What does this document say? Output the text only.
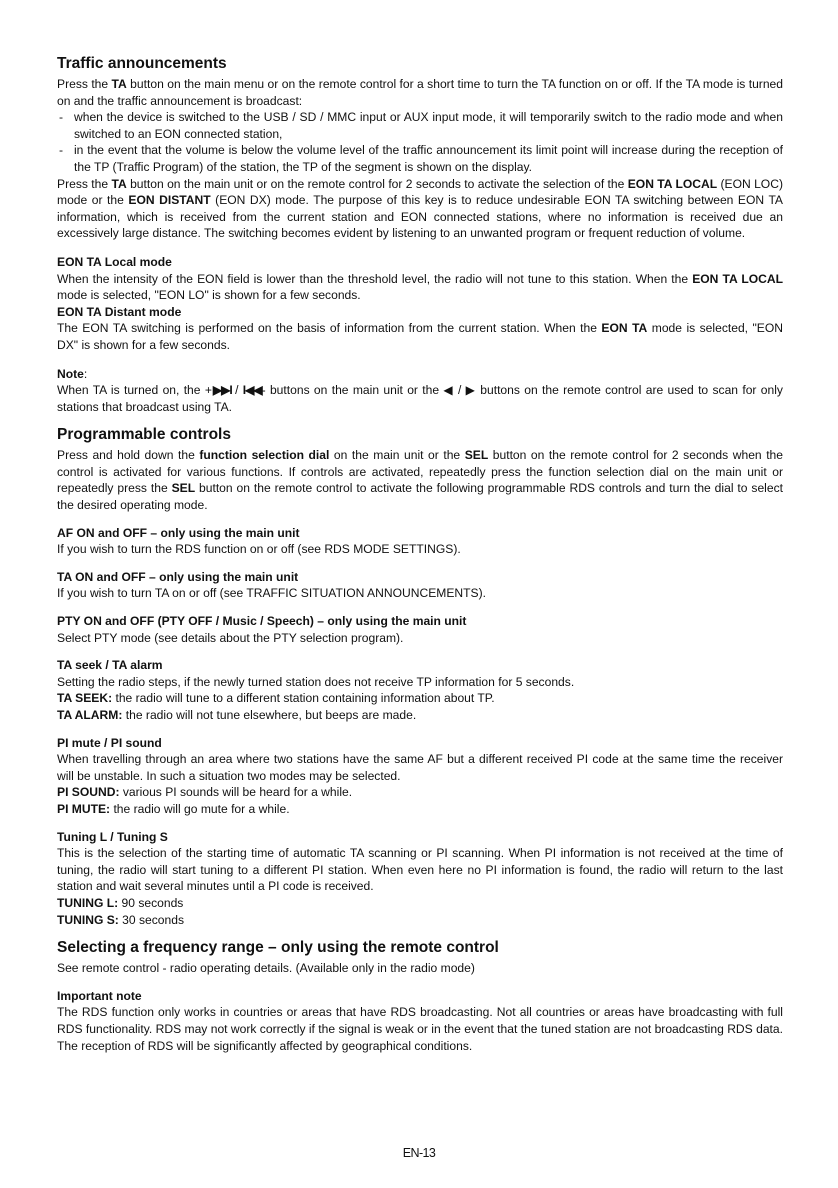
Traffic announcements

Press the TA button on the main menu or on the remote control for a short time to turn the TA function on or off. If the TA mode is turned on and the traffic announcement is broadcast:

- when the device is switched to the USB / SD / MMC input or AUX input mode, it will temporarily switch to the radio mode and when switched to an EON connected station,
- in the event that the volume is below the volume level of the traffic announcement its limit point will increase during the reception of the TP (Traffic Program) of the station, the TP of the segment is shown on the display.

Press the TA button on the main unit or on the remote control for 2 seconds to activate the selection of the EON TA LOCAL (EON LOC) mode or the EON DISTANT (EON DX) mode. The purpose of this key is to reduce undesirable EON TA switching between EON TA information, which is received from the current station and EON connected stations, where no information is received due an excessively large distance. The switching becomes evident by listening to an unwanted program or frequent reduction of volume.

EON TA Local mode

When the intensity of the EON field is lower than the threshold level, the radio will not tune to this station. When the EON TA LOCAL mode is selected, "EON LO" is shown for a few seconds.

EON TA Distant mode

The EON TA switching is performed on the basis of information from the current station. When the EON TA mode is selected, "EON DX" is shown for a few seconds.

Note:

When TA is turned on, the +▶▶I / I◀◀- buttons on the main unit or the ◀ / ▶ buttons on the remote control are used to scan for only stations that broadcast using TA.

Programmable controls

Press and hold down the function selection dial on the main unit or the SEL button on the remote control for 2 seconds when the control is activated for various functions. If controls are activated, repeatedly press the function selection dial on the main unit or repeatedly press the SEL button on the remote control to activate the following programmable RDS controls and turn the dial to select the desired operating mode.

AF ON and OFF – only using the main unit

If you wish to turn the RDS function on or off (see RDS MODE SETTINGS).

TA ON and OFF – only using the main unit

If you wish to turn TA on or off (see TRAFFIC SITUATION ANNOUNCEMENTS).

PTY ON and OFF (PTY OFF / Music / Speech) – only using the main unit

Select PTY mode (see details about the PTY selection program).

TA seek / TA alarm

Setting the radio steps, if the newly turned station does not receive TP information for 5 seconds.

TA SEEK: the radio will tune to a different station containing information about TP.

TA ALARM: the radio will not tune elsewhere, but beeps are made.

PI mute / PI sound

When travelling through an area where two stations have the same AF but a different received PI code at the same time the receiver will be unstable. In such a situation two modes may be selected.

PI SOUND: various PI sounds will be heard for a while.

PI MUTE: the radio will go mute for a while.

Tuning L / Tuning S

This is the selection of the starting time of automatic TA scanning or PI scanning. When PI information is not received at the time of tuning, the radio will start tuning to a different PI station. When even here no PI information is found, the radio will return to the last station and wait several minutes until a PI code is received.

TUNING L: 90 seconds

TUNING S: 30 seconds

Selecting a frequency range – only using the remote control

See remote control - radio operating details. (Available only in the radio mode)

Important note

The RDS function only works in countries or areas that have RDS broadcasting. Not all countries or areas have broadcasting with full RDS functionality. RDS may not work correctly if the signal is weak or in the event that the tuned station are not broadcasting RDS data. The reception of RDS will be significantly affected by geographical conditions.

EN-13
